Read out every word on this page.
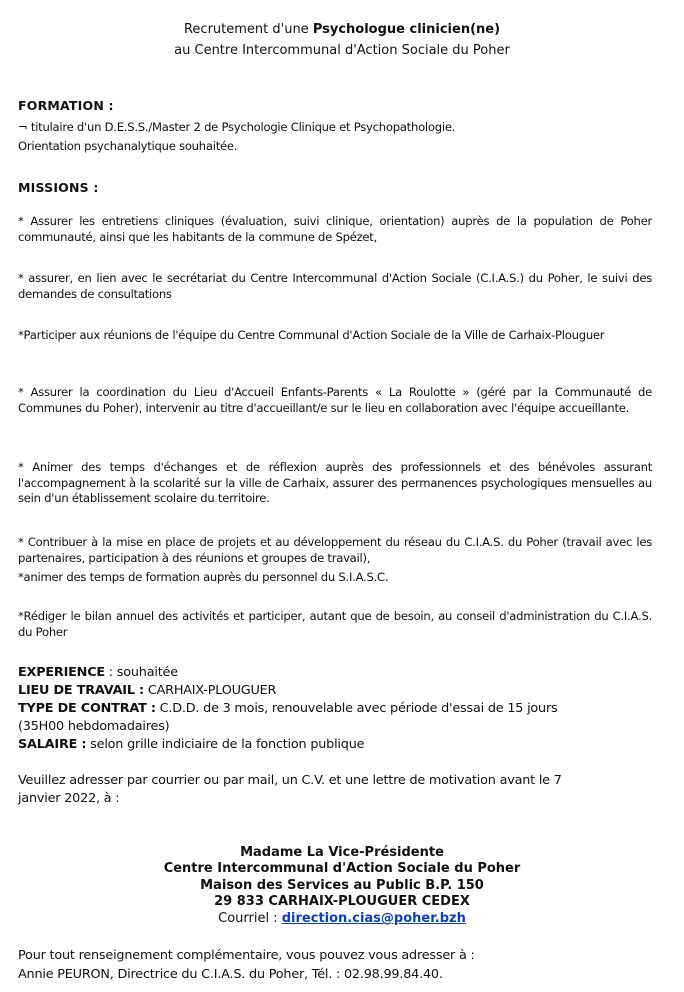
Recrutement d'une Psychologue clinicien(ne)
au Centre Intercommunal d'Action Sociale du Poher
FORMATION :
¬ titulaire d'un D.E.S.S./Master 2 de Psychologie Clinique et Psychopathologie.
Orientation psychanalytique souhaitée.
MISSIONS :
* Assurer les entretiens cliniques (évaluation, suivi clinique, orientation) auprès de la population de Poher communauté, ainsi que les habitants de la commune de Spézet,
* assurer, en lien avec le secrétariat du Centre Intercommunal d'Action Sociale (C.I.A.S.) du Poher, le suivi des demandes de consultations
*Participer aux réunions de l'équipe du Centre Communal d'Action Sociale de la Ville de Carhaix-Plouguer
* Assurer la coordination du Lieu d'Accueil Enfants-Parents « La Roulotte » (géré par la Communauté de Communes du Poher), intervenir au titre d'accueillant/e sur le lieu en collaboration avec l'équipe accueillante.
* Animer des temps d'échanges et de réflexion auprès des professionnels et des bénévoles assurant l'accompagnement à la scolarité sur la ville de Carhaix, assurer des permanences psychologiques mensuelles au sein d'un établissement scolaire du territoire.
* Contribuer à la mise en place de projets et au développement du réseau du C.I.A.S. du Poher (travail avec les partenaires, participation à des réunions et groupes de travail),
*animer des temps de formation auprès du personnel du S.I.A.S.C.
*Rédiger le bilan annuel des activités et participer, autant que de besoin, au conseil d'administration du C.I.A.S. du Poher
EXPERIENCE : souhaitée
LIEU DE TRAVAIL : CARHAIX-PLOUGUER
TYPE DE CONTRAT : C.D.D. de 3 mois, renouvelable avec période d'essai de 15 jours
(35H00 hebdomadaires)
SALAIRE : selon grille indiciaire de la fonction publique
Veuillez adresser par courrier ou par mail, un C.V. et une lettre de motivation avant le 7
janvier 2022, à :
Madame La Vice-Présidente
Centre Intercommunal d'Action Sociale du Poher
Maison des Services au Public B.P. 150
29 833 CARHAIX-PLOUGUER CEDEX
Courriel : direction.cias@poher.bzh
Pour tout renseignement complémentaire, vous pouvez vous adresser à :
Annie PEURON, Directrice du C.I.A.S. du Poher, Tél. : 02.98.99.84.40.
